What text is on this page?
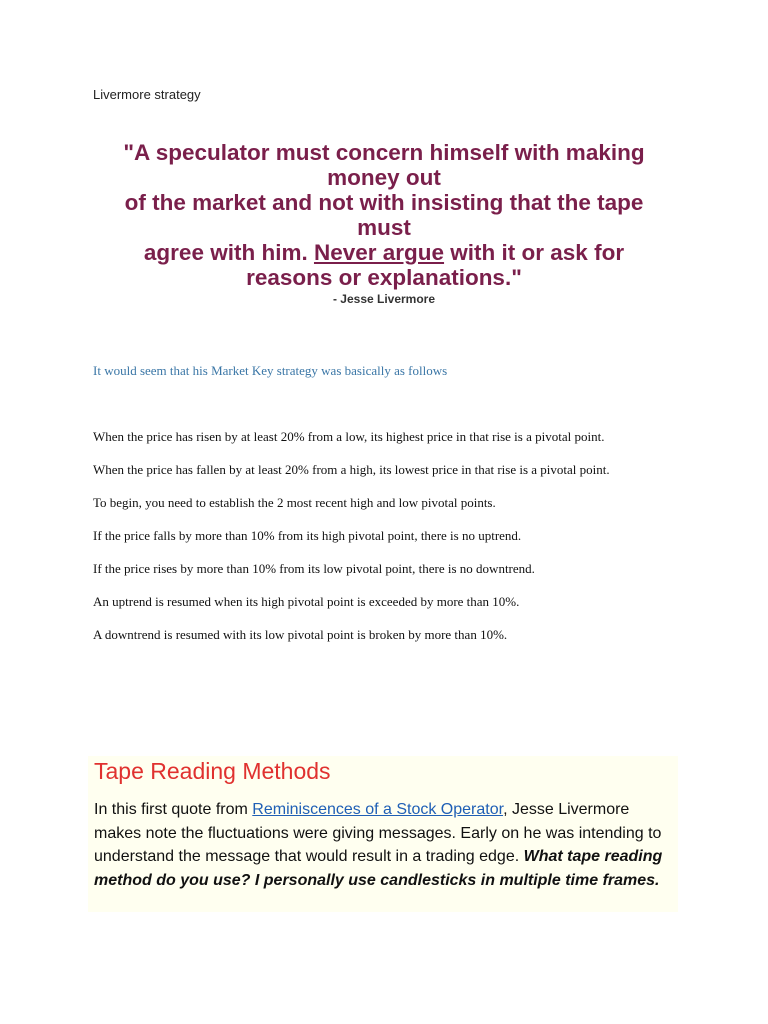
Livermore strategy
"A speculator must concern himself with making money out
of the market and not with insisting that the tape must
agree with him. Never argue with it or ask for reasons or explanations."
- Jesse Livermore
It would seem that his Market Key strategy was basically as follows
When the price has risen by at least 20% from a low, its highest price in that rise is a pivotal point.
When the price has fallen by at least 20% from a high, its lowest price in that rise is a pivotal point.
To begin, you need to establish the 2 most recent high and low pivotal points.
If the price falls by more than 10% from its high pivotal point, there is no uptrend.
If the price rises by more than 10% from its low pivotal point, there is no downtrend.
An uptrend is resumed when its high pivotal point is exceeded by more than 10%.
A downtrend is resumed with its low pivotal point is broken by more than 10%.
Tape Reading Methods
In this first quote from Reminiscences of a Stock Operator, Jesse Livermore makes note the fluctuations were giving messages. Early on he was intending to understand the message that would result in a trading edge. What tape reading method do you use? I personally use candlesticks in multiple time frames.
